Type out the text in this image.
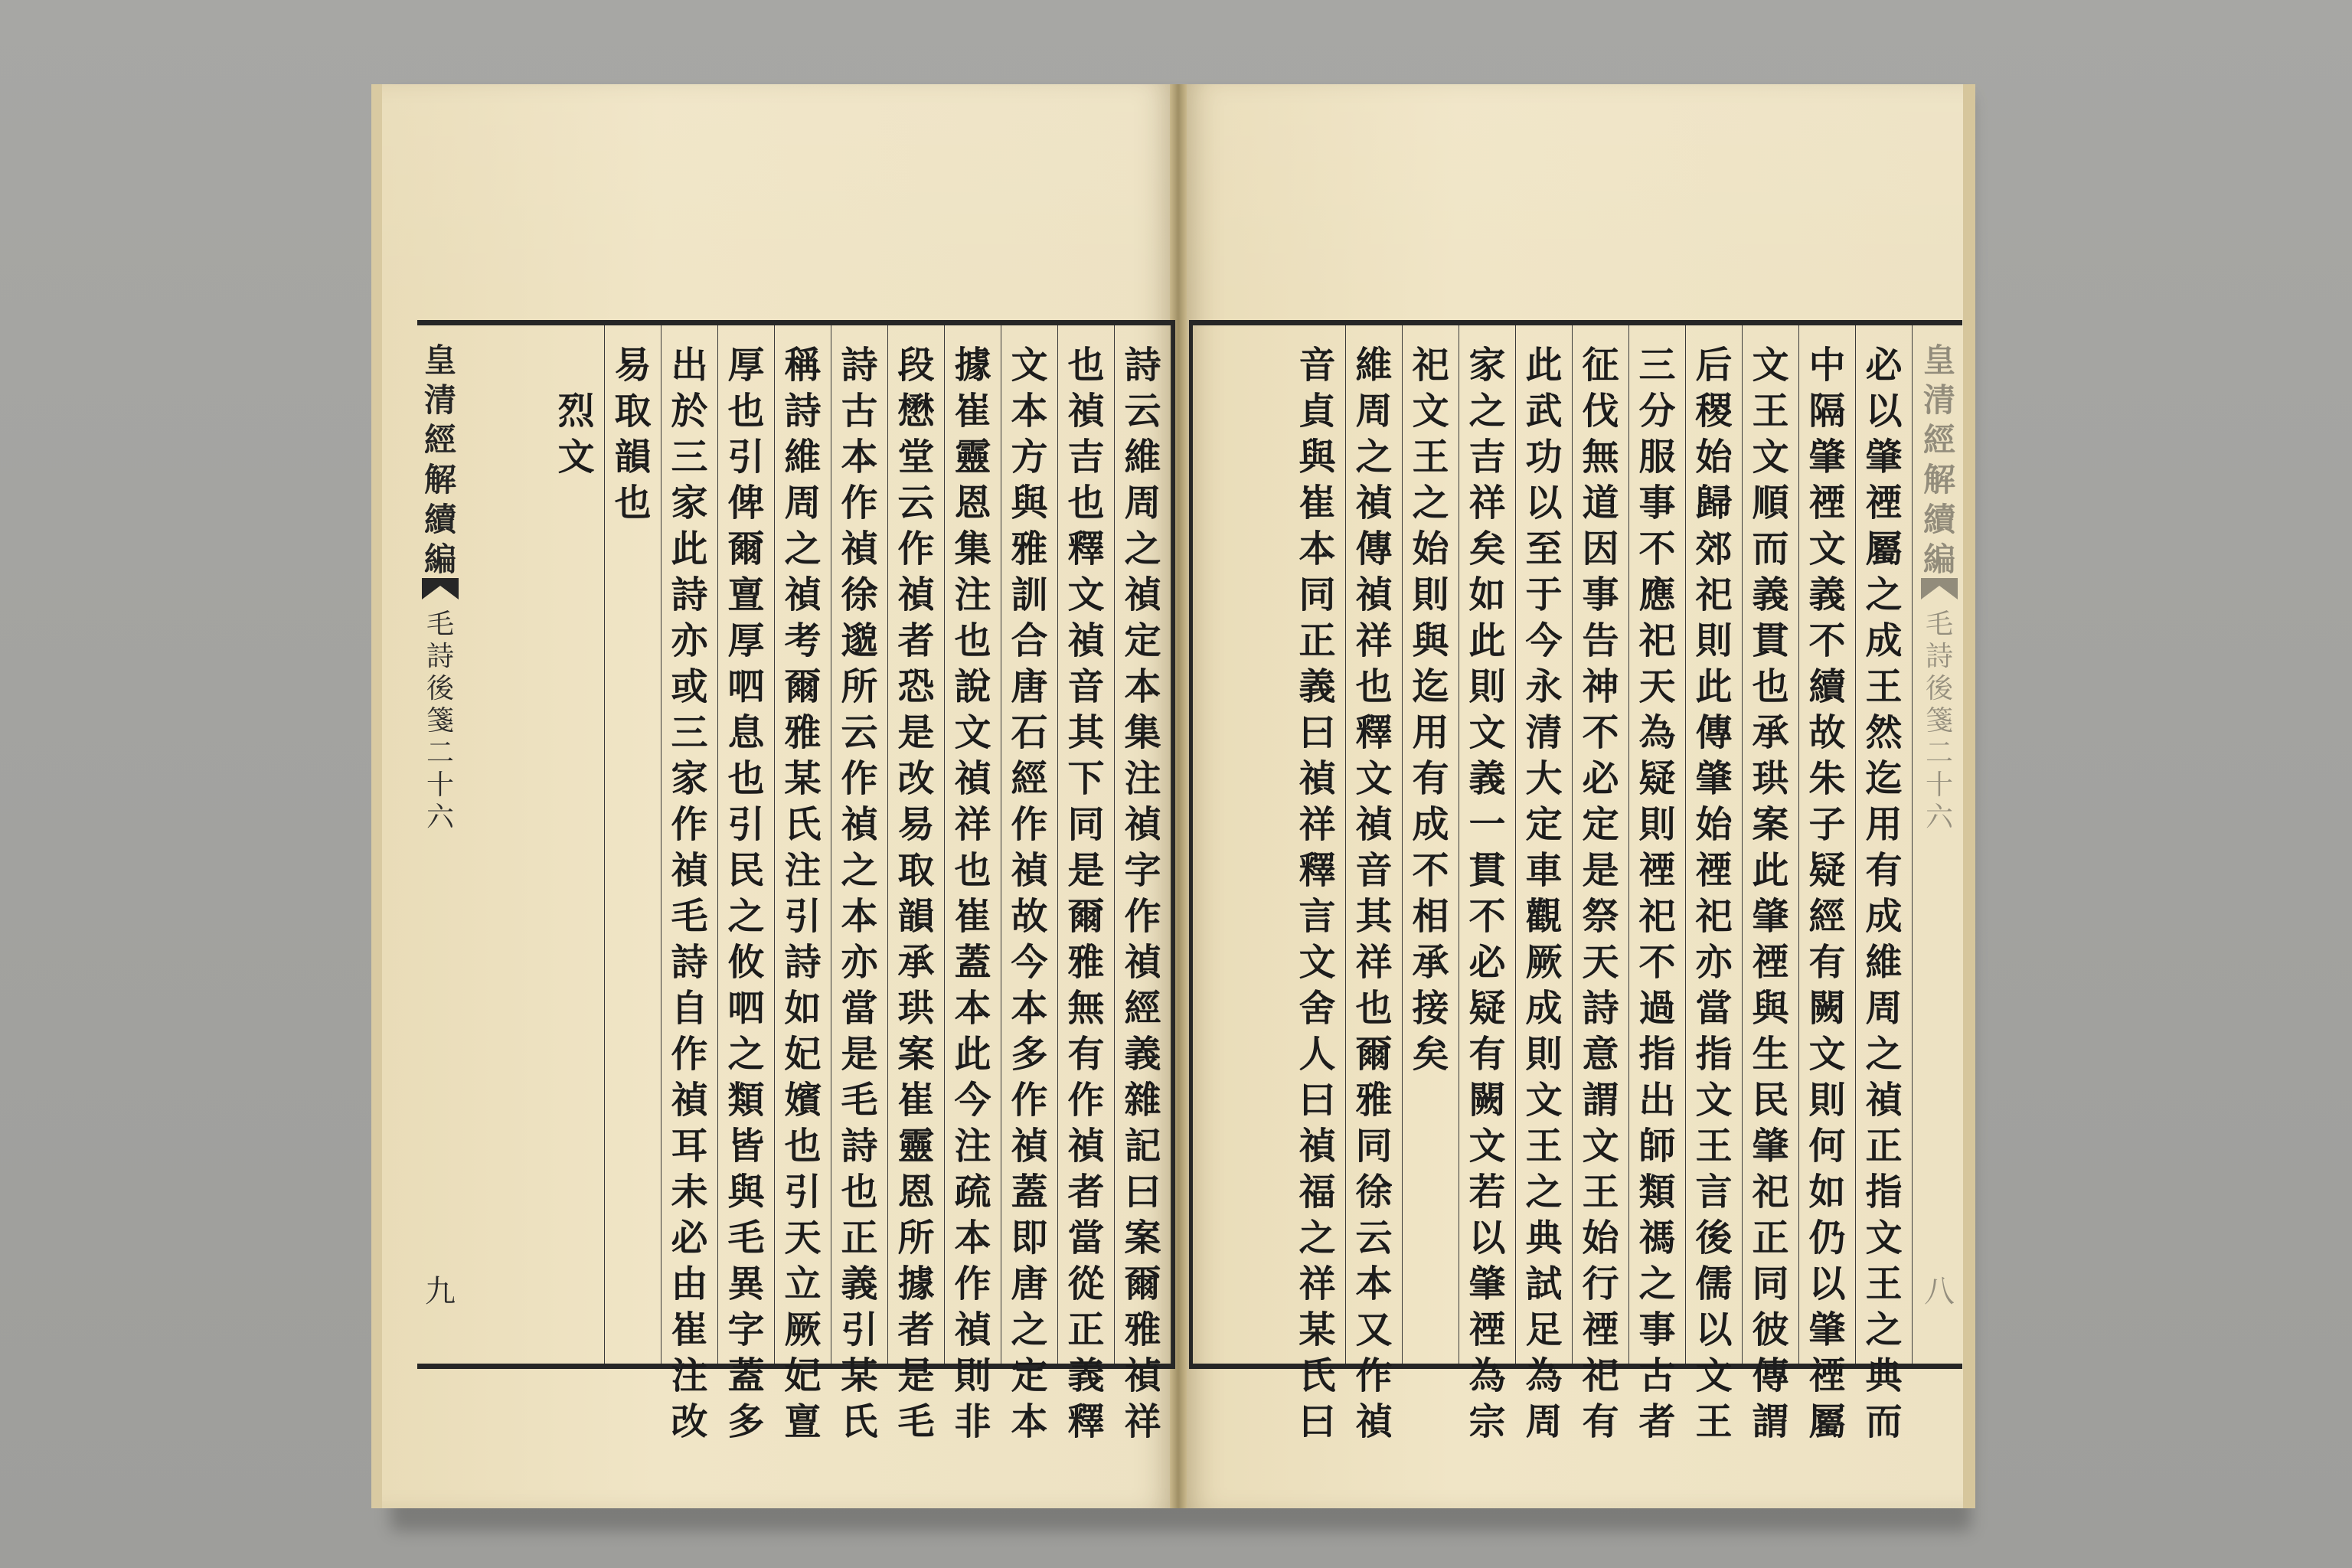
皇
清
經
解
續
編
毛
詩
後
箋
二
十
六
九
詩
云
維
周
之
禎
定
本
集
注
禎
字
作
禎
經
義
雜
記
曰
案
爾
雅
禎
祥
也
禎
吉
也
釋
文
禎
音
其
下
同
是
爾
雅
無
有
作
禎
者
當
從
正
義
釋
文
本
方
與
雅
訓
合
唐
石
經
作
禎
故
今
本
多
作
禎
蓋
即
唐
之
定
本
據
崔
靈
恩
集
注
也
說
文
禎
祥
也
崔
蓋
本
此
今
注
疏
本
作
禎
則
非
段
懋
堂
云
作
禎
者
恐
是
改
易
取
韻
承
珙
案
崔
靈
恩
所
據
者
是
毛
詩
古
本
作
禎
徐
邈
所
云
作
禎
之
本
亦
當
是
毛
詩
也
正
義
引
某
氏
稱
詩
維
周
之
禎
考
爾
雅
某
氏
注
引
詩
如
妃
嬪
也
引
天
立
厥
妃
亶
厚
也
引
俾
爾
亶
厚
呬
息
也
引
民
之
攸
呬
之
類
皆
與
毛
異
字
蓋
多
出
於
三
家
此
詩
亦
或
三
家
作
禎
毛
詩
自
作
禎
耳
未
必
由
崔
注
改
易
取
韻
也
烈
文
必
以
肇
禋
屬
之
成
王
然
迄
用
有
成
維
周
之
禎
正
指
文
王
之
典
而
中
隔
肇
禋
文
義
不
續
故
朱
子
疑
經
有
闕
文
則
何
如
仍
以
肇
禋
屬
文
王
文
順
而
義
貫
也
承
珙
案
此
肇
禋
與
生
民
肇
祀
正
同
彼
傳
謂
后
稷
始
歸
郊
祀
則
此
傳
肇
始
禋
祀
亦
當
指
文
王
言
後
儒
以
文
王
三
分
服
事
不
應
祀
天
為
疑
則
禋
祀
不
過
指
出
師
類
禡
之
事
古
者
征
伐
無
道
因
事
告
神
不
必
定
是
祭
天
詩
意
謂
文
王
始
行
禋
祀
有
此
武
功
以
至
于
今
永
清
大
定
車
觀
厥
成
則
文
王
之
典
試
足
為
周
家
之
吉
祥
矣
如
此
則
文
義
一
貫
不
必
疑
有
闕
文
若
以
肇
禋
為
宗
祀
文
王
之
始
則
與
迄
用
有
成
不
相
承
接
矣
維
周
之
禎
傳
禎
祥
也
釋
文
禎
音
其
祥
也
爾
雅
同
徐
云
本
又
作
禎
音
貞
與
崔
本
同
正
義
曰
禎
祥
釋
言
文
舍
人
曰
禎
福
之
祥
某
氏
曰
皇
清
經
解
續
編
毛
詩
後
箋
二
十
六
八
